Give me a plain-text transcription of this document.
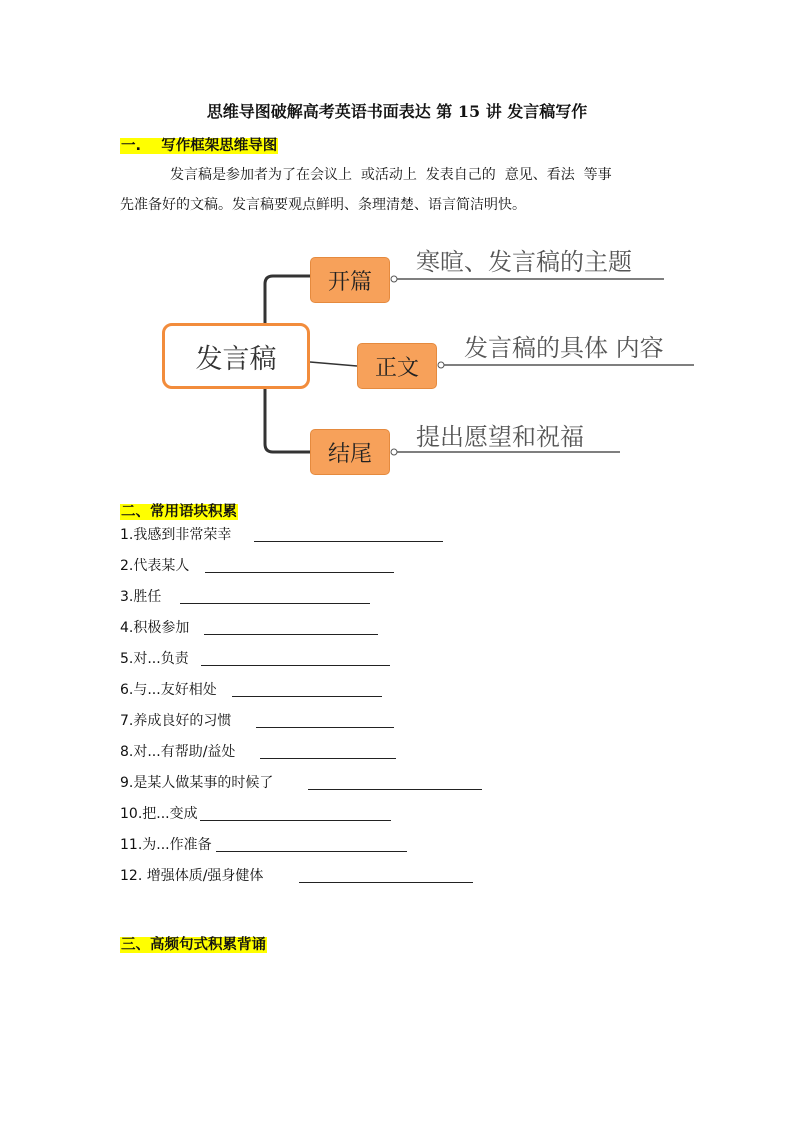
思维导图破解高考英语书面表达 第 15 讲 发言稿写作
一.    写作框架思维导图
发言稿是参加者为了在会议上  或活动上  发表自己的  意见、看法  等事
先准备好的文稿。发言稿要观点鲜明、条理清楚、语言简洁明快。
发言稿
开篇
正文
结尾
寒暄、发言稿的主题
发言稿的具体 内容
提出愿望和祝福
二、常用语块积累
1.我感到非常荣幸
2.代表某人
3.胜任
4.积极参加
5.对...负责
6.与...友好相处
7.养成良好的习惯
8.对...有帮助/益处
9.是某人做某事的时候了
10.把...变成
11.为...作准备
12. 增强体质/强身健体
三、高频句式积累背诵
